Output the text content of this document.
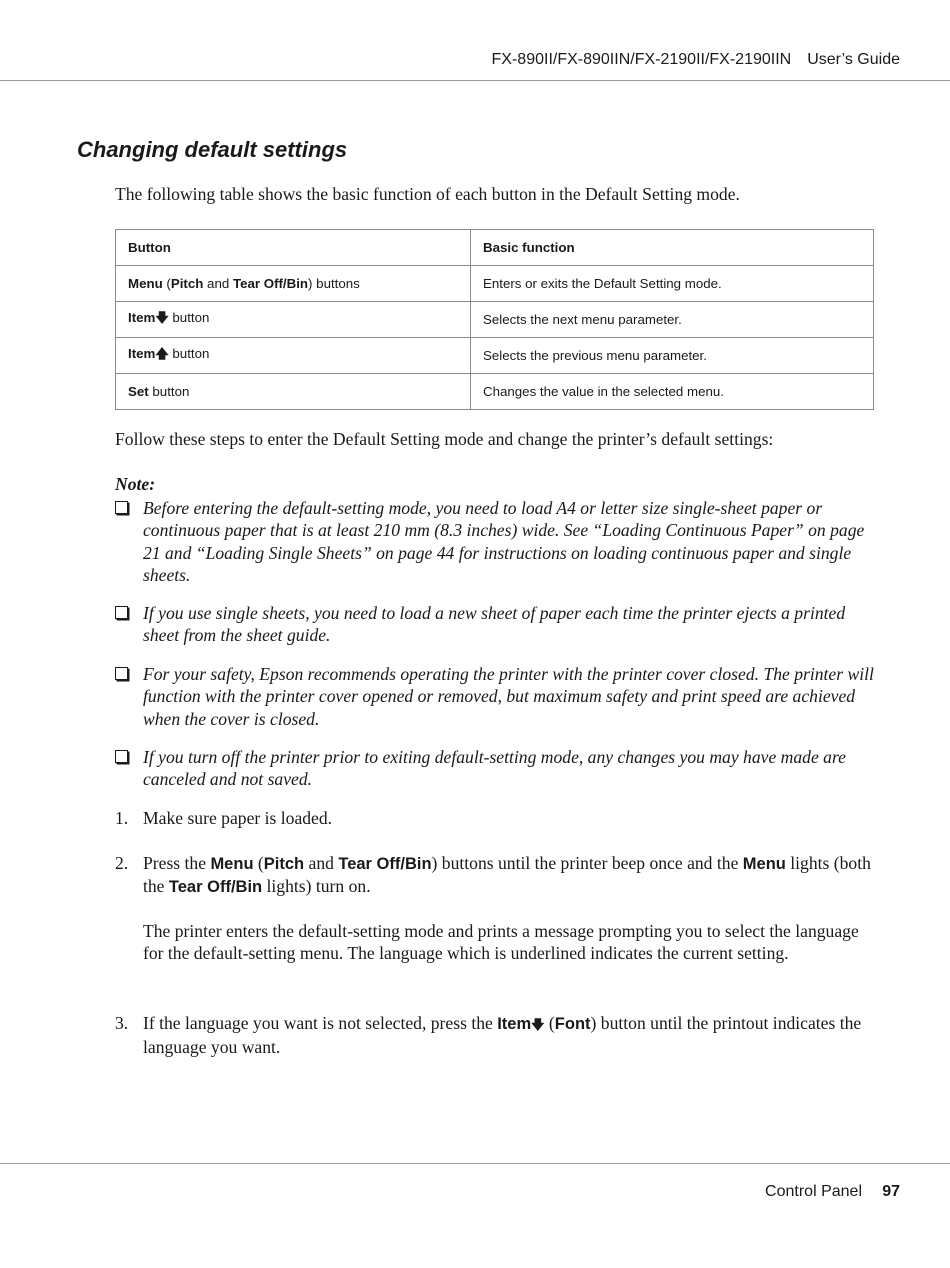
FX-890II/FX-890IIN/FX-2190II/FX-2190IIN User’s Guide
Changing default settings

The following table shows the basic function of each button in the Default Setting mode.

Button	Basic function
Menu (Pitch and Tear Off/Bin) buttons	Enters or exits the Default Setting mode.
Item🡇 button	Selects the next menu parameter.
Item🡅 button	Selects the previous menu parameter.
Set button	Changes the value in the selected menu.

Follow these steps to enter the Default Setting mode and change the printer’s default settings:

Note:

Before entering the default-setting mode, you need to load A4 or letter size single-sheet paper or continuous paper that is at least 210 mm (8.3 inches) wide. See “Loading Continuous Paper” on page 21 and “Loading Single Sheets” on page 44 for instructions on loading continuous paper and single sheets.
If you use single sheets, you need to load a new sheet of paper each time the printer ejects a printed sheet from the sheet guide.
For your safety, Epson recommends operating the printer with the printer cover closed. The printer will function with the printer cover opened or removed, but maximum safety and print speed are achieved when the cover is closed.
If you turn off the printer prior to exiting default-setting mode, any changes you may have made are canceled and not saved.
1. Make sure paper is loaded.
2. Press the Menu (Pitch and Tear Off/Bin) buttons until the printer beep once and the Menu lights (both the Tear Off/Bin lights) turn on.
The printer enters the default-setting mode and prints a message prompting you to select the language for the default-setting menu. The language which is underlined indicates the current setting.
3. If the language you want is not selected, press the Item🡇 (Font) button until the printout indicates the language you want.
Control Panel 97
